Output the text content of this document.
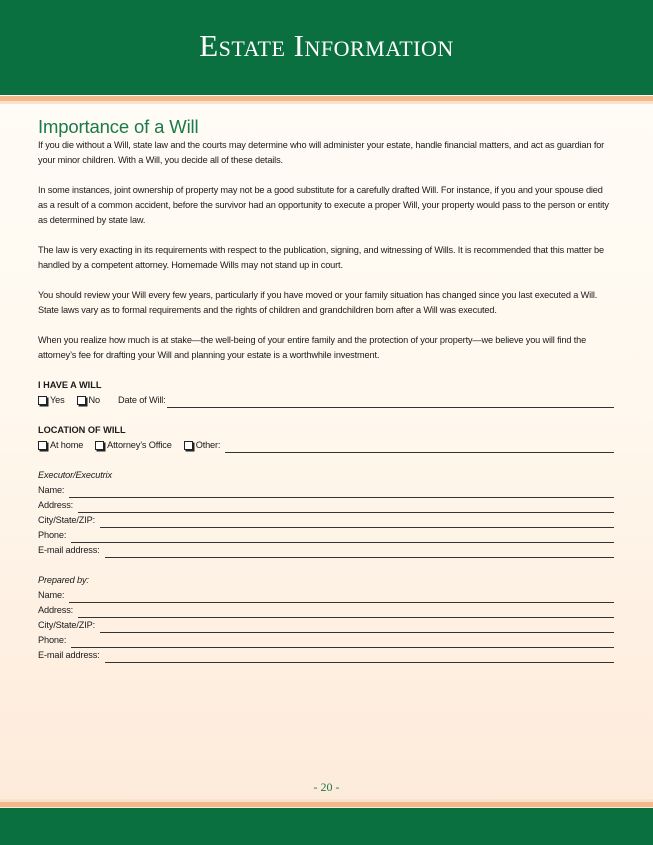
Estate Information
Importance of a Will

If you die without a Will, state law and the courts may determine who will administer your estate, handle financial matters, and act as guardian for your minor children. With a Will, you decide all of these details.

In some instances, joint ownership of property may not be a good substitute for a carefully drafted Will. For instance, if you and your spouse died as a result of a common accident, before the survivor had an opportunity to execute a proper Will, your property would pass to the person or entity as determined by state law.

The law is very exacting in its requirements with respect to the publication, signing, and witnessing of Wills. It is recommended that this matter be handled by a competent attorney. Homemade Wills may not stand up in court.

You should review your Will every few years, particularly if you have moved or your family situation has changed since you last executed a Will. State laws vary as to formal requirements and the rights of children and grandchildren born after a Will was executed.

When you realize how much is at stake—the well-being of your entire family and the protection of your property—we believe you will find the attorney’s fee for drafting your Will and planning your estate is a worthwhile investment.

I HAVE A WILL
Yes	No Date of Will:
LOCATION OF WILL
At home	Attorney’s Office	Other:
Executor/Executrix
Name:
Address:
City/State/ZIP:
Phone:
E-mail address:
Prepared by:
Name:
Address:
City/State/ZIP:
Phone:
E-mail address:
- 20 -
